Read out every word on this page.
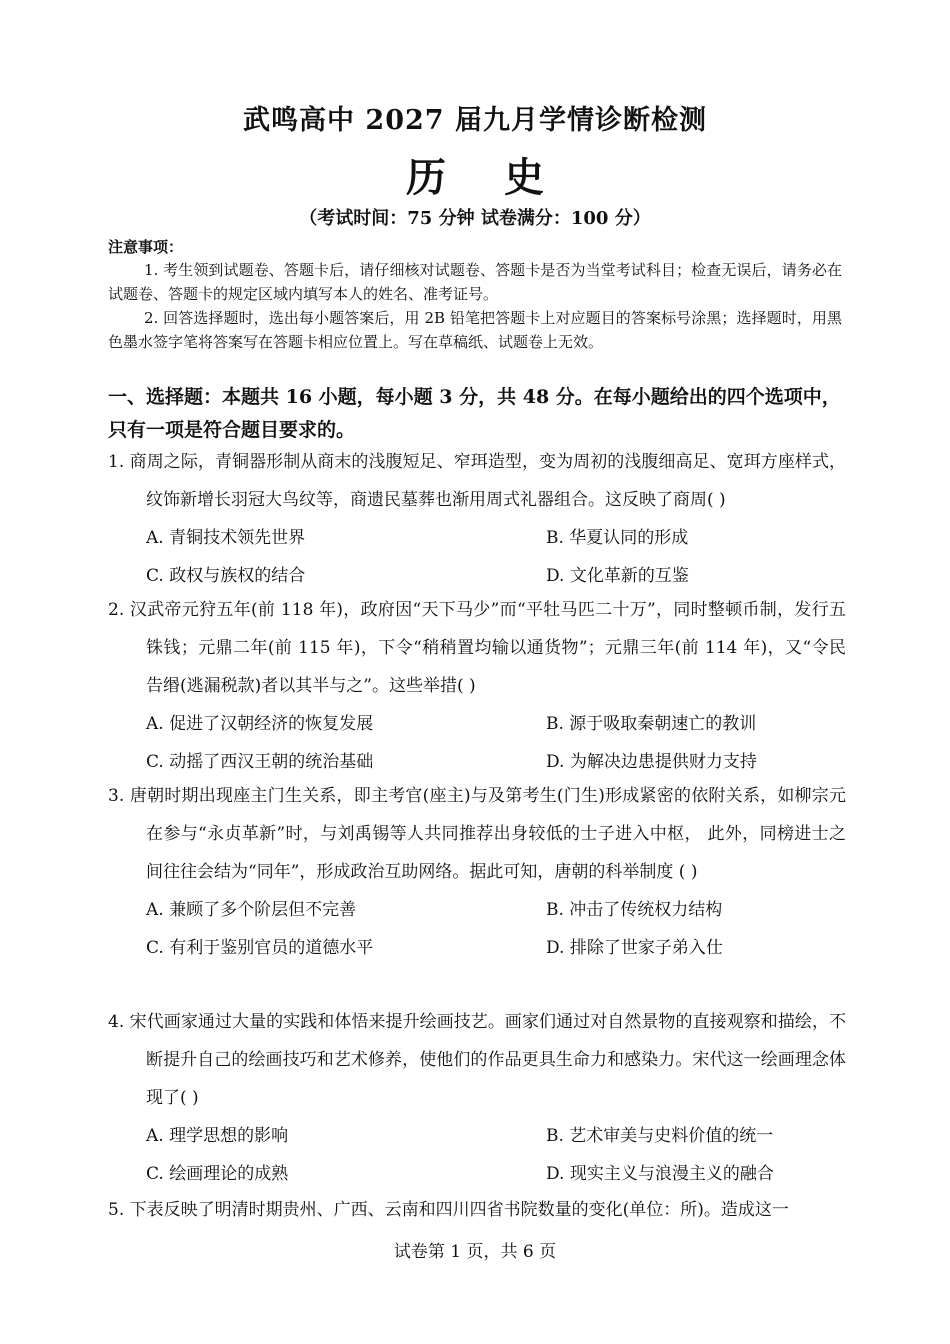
武鸣高中 2027 届九月学情诊断检测
历 史
（考试时间：75 分钟 试卷满分：100 分）
注意事项：
1. 考生领到试题卷、答题卡后，请仔细核对试题卷、答题卡是否为当堂考试科目；检查无误后，请务必在试题卷、答题卡的规定区域内填写本人的姓名、准考证号。
2. 回答选择题时，选出每小题答案后，用 2B 铅笔把答题卡上对应题目的答案标号涂黑；选择题时，用黑色墨水签字笔将答案写在答题卡相应位置上。写在草稿纸、试题卷上无效。
一、选择题：本题共 16 小题，每小题 3 分，共 48 分。在每小题给出的四个选项中，只有一项是符合题目要求的。
1. 商周之际，青铜器形制从商末的浅腹短足、窄珥造型，变为周初的浅腹细高足、宽珥方座样式，纹饰新增长羽冠大鸟纹等，商遗民墓葬也渐用周式礼器组合。这反映了商周( )
A. 青铜技术领先世界	B. 华夏认同的形成
C. 政权与族权的结合	D. 文化革新的互鉴
2. 汉武帝元狩五年(前 118 年)，政府因“天下马少”而“平牡马匹二十万”，同时整顿币制，发行五铢钱；元鼎二年(前 115 年)，下令“稍稍置均输以通货物”；元鼎三年(前 114 年)，又“令民告缗(逃漏税款)者以其半与之”。这些举措( )
A. 促进了汉朝经济的恢复发展	B. 源于吸取秦朝速亡的教训
C. 动摇了西汉王朝的统治基础	D. 为解决边患提供财力支持
3. 唐朝时期出现座主门生关系，即主考官(座主)与及第考生(门生)形成紧密的依附关系，如柳宗元在参与“永贞革新”时，与刘禹锡等人共同推荐出身较低的士子进入中枢， 此外，同榜进士之间往往会结为“同年”，形成政治互助网络。据此可知，唐朝的科举制度 ( )
A. 兼顾了多个阶层但不完善	B. 冲击了传统权力结构
C. 有利于鉴别官员的道德水平	D. 排除了世家子弟入仕
4. 宋代画家通过大量的实践和体悟来提升绘画技艺。画家们通过对自然景物的直接观察和描绘，不断提升自己的绘画技巧和艺术修养，使他们的作品更具生命力和感染力。宋代这一绘画理念体现了( )
A. 理学思想的影响	B. 艺术审美与史料价值的统一
C. 绘画理论的成熟	D. 现实主义与浪漫主义的融合
5. 下表反映了明清时期贵州、广西、云南和四川四省书院数量的变化(单位：所)。造成这一
试卷第 1 页，共 6 页
